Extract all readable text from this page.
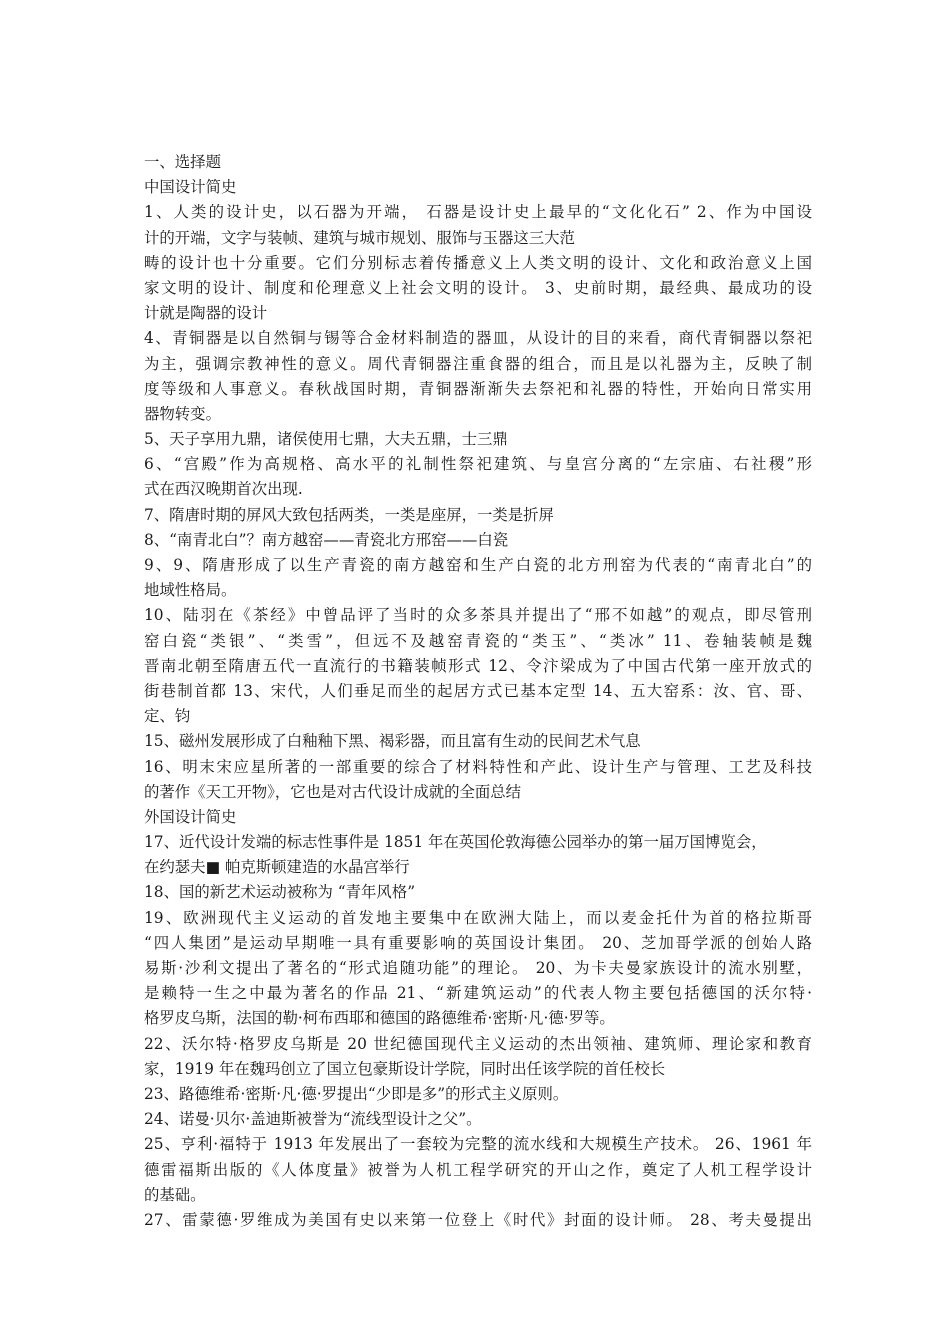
一、选择题
中国设计简史
1、人类的设计史，以石器为开端， 石器是设计史上最早的“文化化石” 2、作为中国设
计的开端，文字与装帧、建筑与城市规划、服饰与玉器这三大范
畴的设计也十分重要。它们分别标志着传播意义上人类文明的设计、文化和政治意义上国
家文明的设计、制度和伦理意义上社会文明的设计。 3、史前时期，最经典、最成功的设
计就是陶器的设计
4、青铜器是以自然铜与锡等合金材料制造的器皿，从设计的目的来看，商代青铜器以祭祀
为主，强调宗教神性的意义。周代青铜器注重食器的组合，而且是以礼器为主，反映了制
度等级和人事意义。春秋战国时期，青铜器渐渐失去祭祀和礼器的特性，开始向日常实用
器物转变。
5、天子享用九鼎，诸侯使用七鼎，大夫五鼎，士三鼎
6、“宫殿”作为高规格、高水平的礼制性祭祀建筑、与皇宫分离的“左宗庙、右社稷”形
式在西汉晚期首次出现.
7、隋唐时期的屏风大致包括两类，一类是座屏，一类是折屏
8、“南青北白”？南方越窑——青瓷北方邢窑——白瓷
9、9、隋唐形成了以生产青瓷的南方越窑和生产白瓷的北方刑窑为代表的“南青北白”的
地域性格局。
10、陆羽在《茶经》中曾品评了当时的众多茶具并提出了“邢不如越”的观点，即尽管刑
窑白瓷“类银”、“类雪”，但远不及越窑青瓷的“类玉”、“类冰” 11、卷轴装帧是魏
晋南北朝至隋唐五代一直流行的书籍装帧形式 12、令汴梁成为了中国古代第一座开放式的
街巷制首都 13、宋代，人们垂足而坐的起居方式已基本定型 14、五大窑系：汝、官、哥、
定、钧
15、磁州发展形成了白釉釉下黑、褐彩器，而且富有生动的民间艺术气息
16、明末宋应星所著的一部重要的综合了材料特性和产此、设计生产与管理、工艺及科技
的著作《天工开物》，它也是对古代设计成就的全面总结
外国设计简史
17、近代设计发端的标志性事件是 1851 年在英国伦敦海德公园举办的第一届万国博览会，
在约瑟夫■ 帕克斯顿建造的水晶宫举行
18、国的新艺术运动被称为 “青年风格”
19、欧洲现代主义运动的首发地主要集中在欧洲大陆上，而以麦金托什为首的格拉斯哥
“四人集团”是运动早期唯一具有重要影响的英国设计集团。 20、芝加哥学派的创始人路
易斯·沙利文提出了著名的“形式追随功能”的理论。 20、为卡夫曼家族设计的流水别墅，
是赖特一生之中最为著名的作品 21、“新建筑运动”的代表人物主要包括德国的沃尔特·
格罗皮乌斯，法国的勒·柯布西耶和德国的路德维希·密斯·凡·德·罗等。
22、沃尔特·格罗皮乌斯是 20 世纪德国现代主义运动的杰出领袖、建筑师、理论家和教育
家，1919 年在魏玛创立了国立包豪斯设计学院，同时出任该学院的首任校长
23、路德维希·密斯·凡·德·罗提出“少即是多”的形式主义原则。
24、诺曼·贝尔·盖迪斯被誉为“流线型设计之父”。
25、亨利·福特于 1913 年发展出了一套较为完整的流水线和大规模生产技术。 26、1961 年
德雷福斯出版的《人体度量》被誉为人机工程学研究的开山之作，奠定了人机工程学设计
的基础。
27、雷蒙德·罗维成为美国有史以来第一位登上《时代》封面的设计师。 28、考夫曼提出
